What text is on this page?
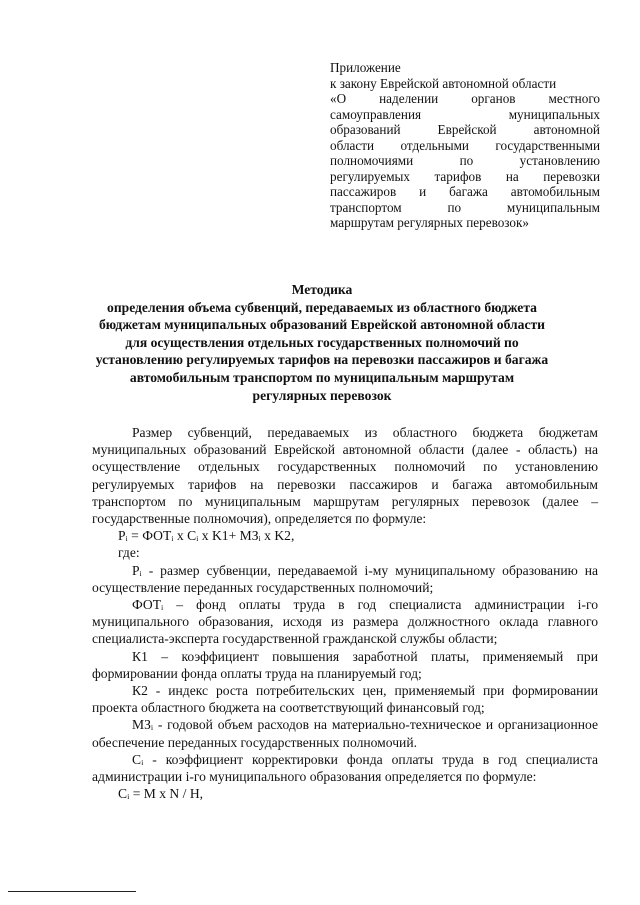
Приложение
к закону Еврейской автономной области
«О наделении органов местного
самоуправления муниципальных
образований Еврейской автономной
области отдельными государственными
полномочиями по установлению
регулируемых тарифов на перевозки
пассажиров и багажа автомобильным
транспортом по муниципальным
маршрутам регулярных перевозок»
Методика
определения объема субвенций, передаваемых из областного бюджета бюджетам муниципальных образований Еврейской автономной области для осуществления отдельных государственных полномочий по установлению регулируемых тарифов на перевозки пассажиров и багажа автомобильным транспортом по муниципальным маршрутам регулярных перевозок

Размер субвенций, передаваемых из областного бюджета бюджетам муниципальных образований Еврейской автономной области (далее - область) на осуществление отдельных государственных полномочий по установлению регулируемых тарифов на перевозки пассажиров и багажа автомобильным транспортом по муниципальным маршрутам регулярных перевозок (далее – государственные полномочия), определяется по формуле:

Pᵢ = ФОТᵢ x Cᵢ x K1+ МЗᵢ x K2,

где:

Pᵢ - размер субвенции, передаваемой i-му муниципальному образованию на осуществление переданных государственных полномочий;

ФОТᵢ – фонд оплаты труда в год специалиста администрации i-го муниципального образования, исходя из размера должностного оклада главного специалиста-эксперта государственной гражданской службы области;

К1 – коэффициент повышения заработной платы, применяемый при формировании фонда оплаты труда на планируемый год;

К2 - индекс роста потребительских цен, применяемый при формировании проекта областного бюджета на соответствующий финансовый год;

МЗᵢ - годовой объем расходов на материально-техническое и организационное обеспечение переданных государственных полномочий.

Cᵢ - коэффициент корректировки фонда оплаты труда в год специалиста администрации i-го муниципального образования определяется по формуле:

Cᵢ = M x N / H,
